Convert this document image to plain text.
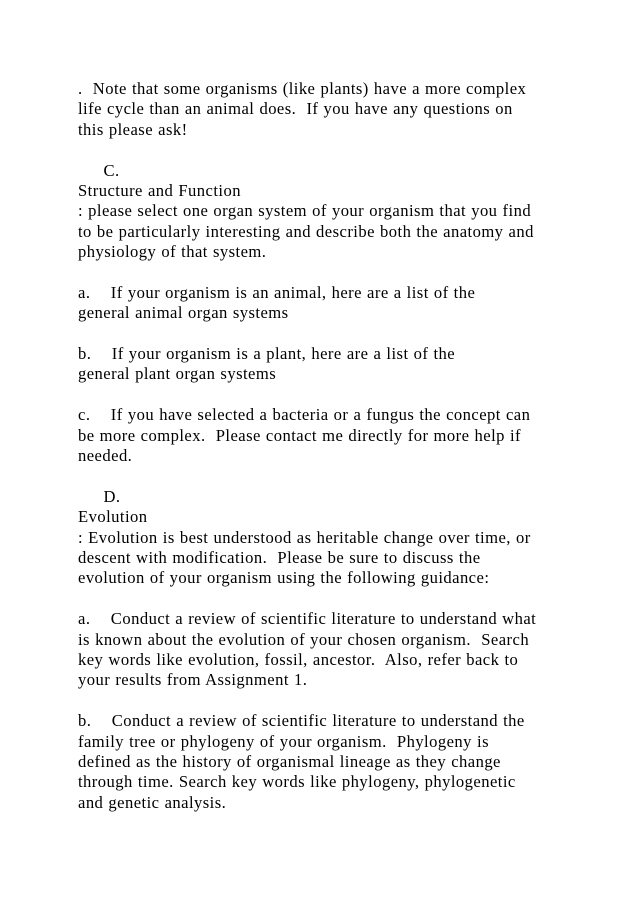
.  Note that some organisms (like plants) have a more complex
life cycle than an animal does.  If you have any questions on
this please ask!
C.
Structure and Function
: please select one organ system of your organism that you find
to be particularly interesting and describe both the anatomy and
physiology of that system.
a.    If your organism is an animal, here are a list of the
general animal organ systems
b.    If your organism is a plant, here are a list of the
general plant organ systems
c.    If you have selected a bacteria or a fungus the concept can
be more complex.  Please contact me directly for more help if
needed.
D.
Evolution
: Evolution is best understood as heritable change over time, or
descent with modification.  Please be sure to discuss the
evolution of your organism using the following guidance:
a.    Conduct a review of scientific literature to understand what
is known about the evolution of your chosen organism.  Search
key words like evolution, fossil, ancestor.  Also, refer back to
your results from Assignment 1.
b.    Conduct a review of scientific literature to understand the
family tree or phylogeny of your organism.  Phylogeny is
defined as the history of organismal lineage as they change
through time. Search key words like phylogeny, phylogenetic
and genetic analysis.
